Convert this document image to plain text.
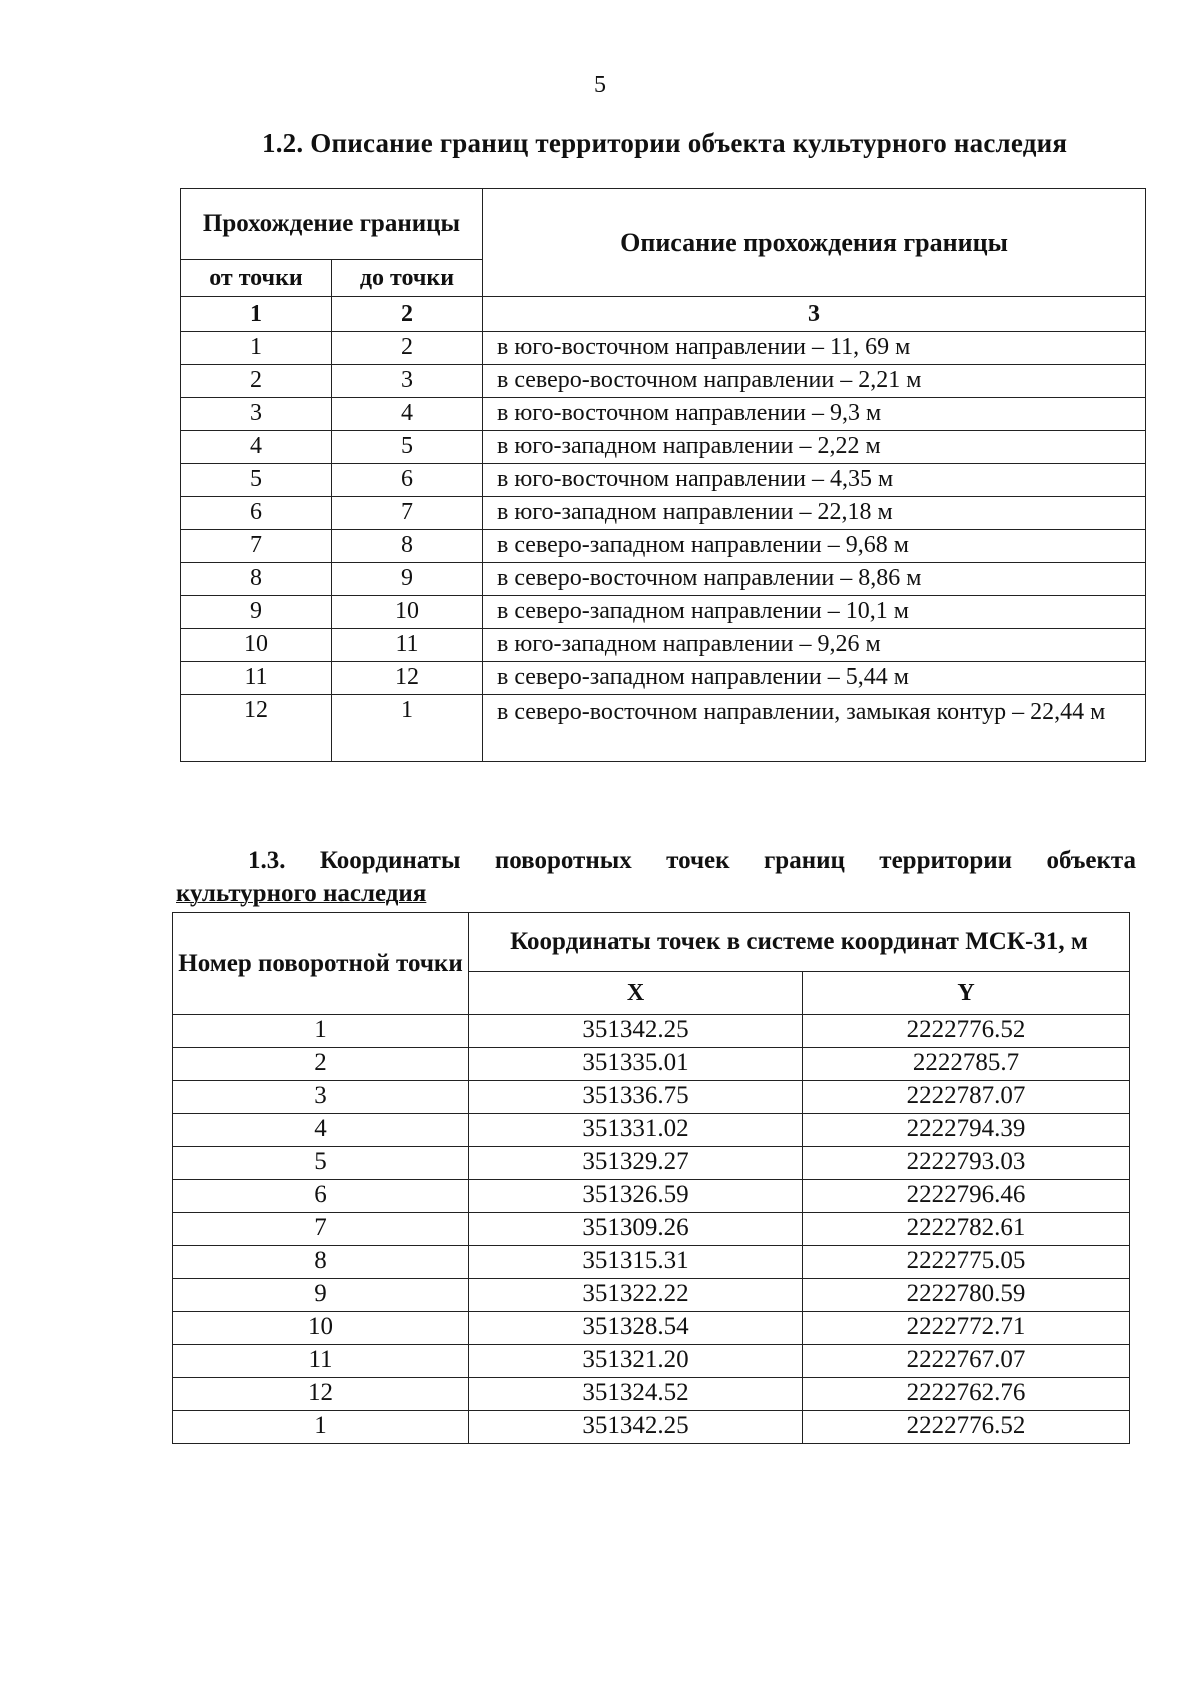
5
1.2. Описание границ территории объекта культурного наследия
Прохождение границы		Описание прохождения границы
от точки	до точки	
1	2	3
1	2	в юго-восточном направлении – 11, 69 м
2	3	в северо-восточном направлении – 2,21 м
3	4	в юго-восточном направлении – 9,3 м
4	5	в юго-западном направлении – 2,22 м
5	6	в юго-восточном направлении – 4,35 м
6	7	в юго-западном направлении – 22,18 м
7	8	в северо-западном направлении – 9,68 м
8	9	в северо-восточном направлении – 8,86 м
9	10	в северо-западном направлении – 10,1 м
10	11	в юго-западном направлении – 9,26 м
11	12	в северо-западном направлении – 5,44 м
12	1	в северо-восточном направлении, замыкая контур – 22,44 м
1.3. Координаты поворотных точек границ территории объекта
культурного наследия
Номер поворотной точки	Координаты точек в системе координат МСК-31, м	
	X	Y
1	351342.25	2222776.52
2	351335.01	2222785.7
3	351336.75	2222787.07
4	351331.02	2222794.39
5	351329.27	2222793.03
6	351326.59	2222796.46
7	351309.26	2222782.61
8	351315.31	2222775.05
9	351322.22	2222780.59
10	351328.54	2222772.71
11	351321.20	2222767.07
12	351324.52	2222762.76
1	351342.25	2222776.52
